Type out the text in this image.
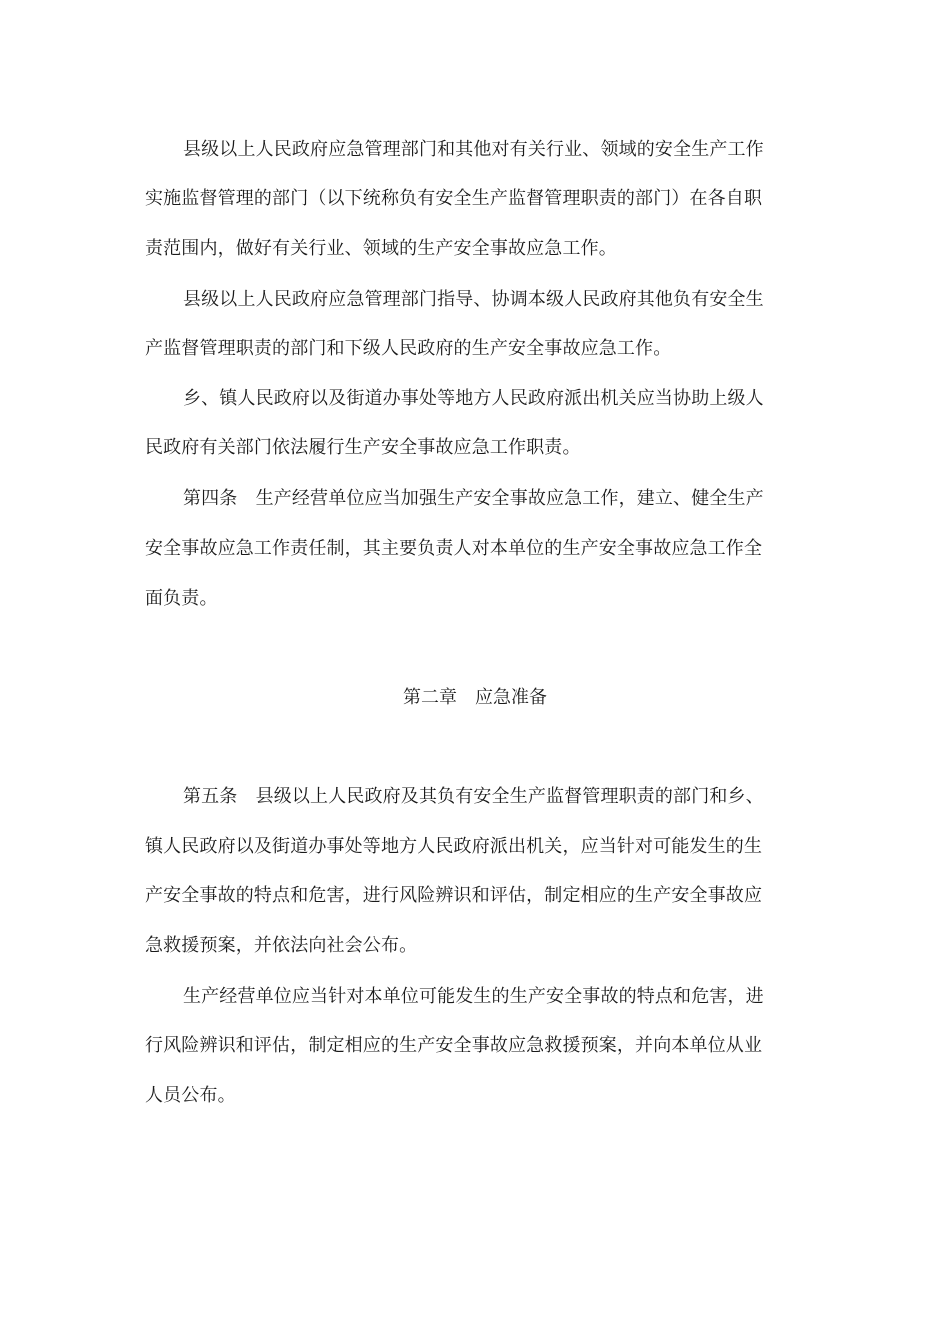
县级以上人民政府应急管理部门和其他对有关行业、领域的安全生产工作
实施监督管理的部门（以下统称负有安全生产监督管理职责的部门）在各自职
责范围内，做好有关行业、领域的生产安全事故应急工作。
县级以上人民政府应急管理部门指导、协调本级人民政府其他负有安全生
产监督管理职责的部门和下级人民政府的生产安全事故应急工作。
乡、镇人民政府以及街道办事处等地方人民政府派出机关应当协助上级人
民政府有关部门依法履行生产安全事故应急工作职责。
第四条　生产经营单位应当加强生产安全事故应急工作，建立、健全生产
安全事故应急工作责任制，其主要负责人对本单位的生产安全事故应急工作全
面负责。
第二章　应急准备
第五条　县级以上人民政府及其负有安全生产监督管理职责的部门和乡、
镇人民政府以及街道办事处等地方人民政府派出机关，应当针对可能发生的生
产安全事故的特点和危害，进行风险辨识和评估，制定相应的生产安全事故应
急救援预案，并依法向社会公布。
生产经营单位应当针对本单位可能发生的生产安全事故的特点和危害，进
行风险辨识和评估，制定相应的生产安全事故应急救援预案，并向本单位从业
人员公布。
